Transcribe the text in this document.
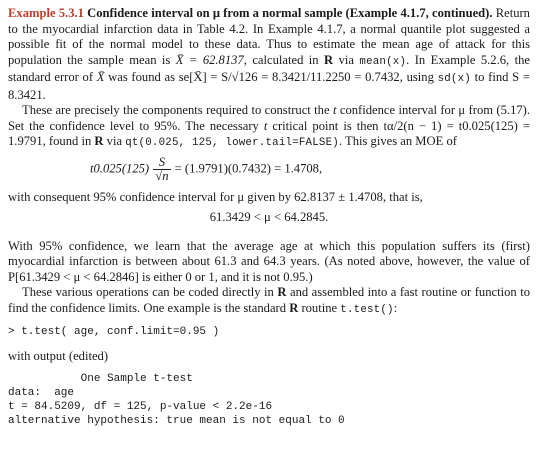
Example 5.3.1 Confidence interval on μ from a normal sample (Example 4.1.7, continued). Return to the myocardial infarction data in Table 4.2. In Example 4.1.7, a normal quantile plot suggested a possible fit of the normal model to these data. Thus to estimate the mean age of attack for this population the sample mean is X̄ = 62.8137, calculated in R via mean(x). In Example 5.2.6, the standard error of X̄ was found as se[X̄] = S/√126 = 8.3421/11.2250 = 0.7432, using sd(x) to find S = 8.3421.

These are precisely the components required to construct the t confidence interval for μ from (5.17). Set the confidence level to 95%. The necessary t critical point is then tα/2(n − 1) = t0.025(125) = 1.9791, found in R via qt(0.025, 125, lower.tail=FALSE). This gives an MOE of

$t0.025(125) \frac{S}{√n} = (1.9791)(0.7432) = 1.4708$,

with consequent 95% confidence interval for μ given by 62.8137 ± 1.4708, that is,

61.3429 < μ < 64.2845.

With 95% confidence, we learn that the average age at which this population suffers its (first) myocardial infarction is between about 61.3 and 64.3 years. (As noted above, however, the value of P[61.3429 < μ < 64.2846] is either 0 or 1, and it is not 0.95.)

These various operations can be coded directly in R and assembled into a fast routine or function to find the confidence limits. One example is the standard R routine t.test():

> t.test( age, conf.limit=0.95 )

with output (edited)

One Sample t-test
data:  age
t = 84.5209, df = 125, p-value < 2.2e-16
alternative hypothesis: true mean is not equal to 0
